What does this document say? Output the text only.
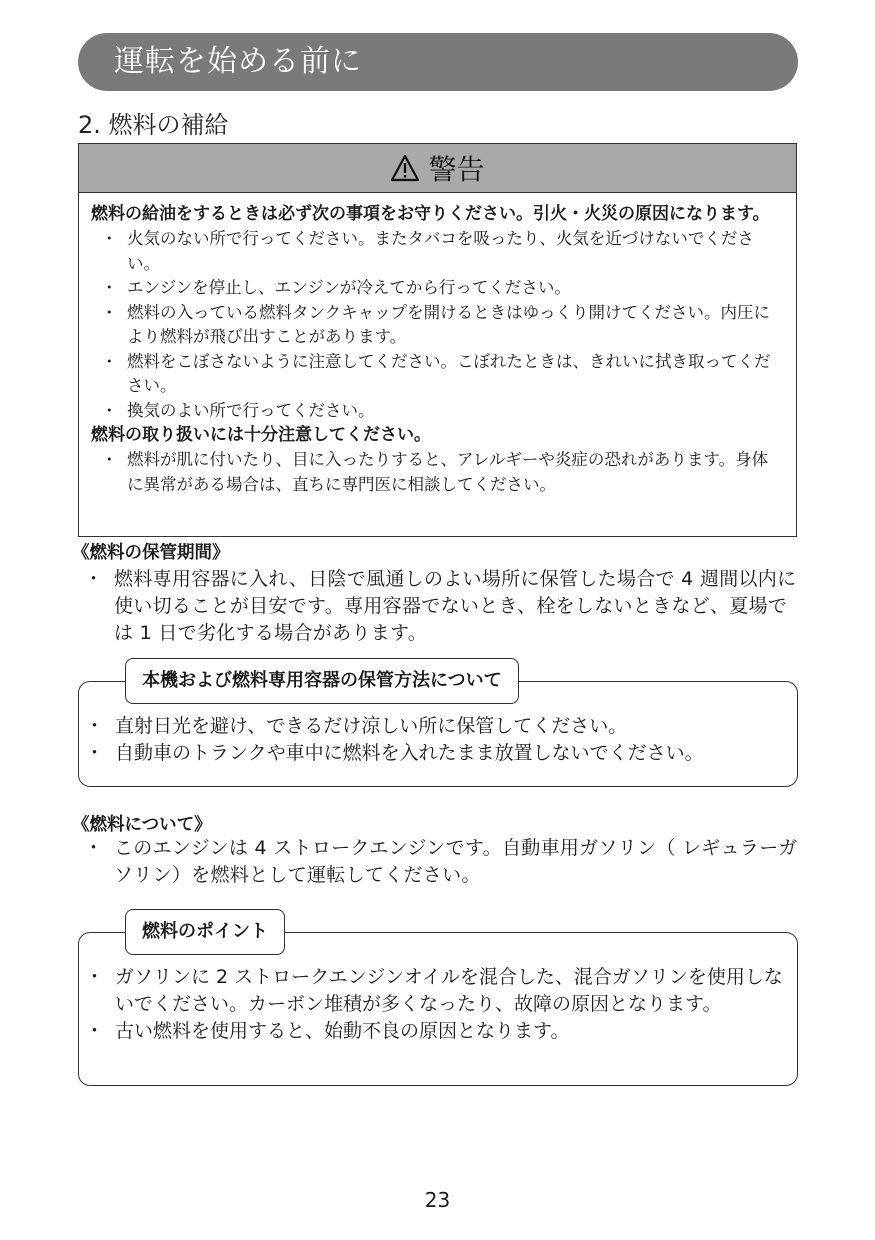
運転を始める前に
2. 燃料の補給
警告
燃料の給油をするときは必ず次の事項をお守りください。引火・火災の原因になります。
・ 火気のない所で行ってください。またタバコを吸ったり、火気を近づけないでください。
・ エンジンを停止し、エンジンが冷えてから行ってください。
・ 燃料の入っている燃料タンクキャップを開けるときはゆっくり開けてください。内圧により燃料が飛び出すことがあります。
・ 燃料をこぼさないように注意してください。こぼれたときは、きれいに拭き取ってください。
・ 換気のよい所で行ってください。
燃料の取り扱いには十分注意してください。
・ 燃料が肌に付いたり、目に入ったりすると、アレルギーや炎症の恐れがあります。身体に異常がある場合は、直ちに専門医に相談してください。
《燃料の保管期間》
・ 燃料専用容器に入れ、日陰で風通しのよい場所に保管した場合で 4 週間以内に使い切ることが目安です。専用容器でないとき、栓をしないときなど、夏場では 1 日で劣化する場合があります。
本機および燃料専用容器の保管方法について
・ 直射日光を避け、できるだけ涼しい所に保管してください。
・ 自動車のトランクや車中に燃料を入れたまま放置しないでください。
《燃料について》
・ このエンジンは 4 ストロークエンジンです。自動車用ガソリン（ レギュラーガソリン）を燃料として運転してください。
燃料のポイント
・ ガソリンに 2 ストロークエンジンオイルを混合した、混合ガソリンを使用しないでください。カーボン堆積が多くなったり、故障の原因となります。
・ 古い燃料を使用すると、始動不良の原因となります。
23
